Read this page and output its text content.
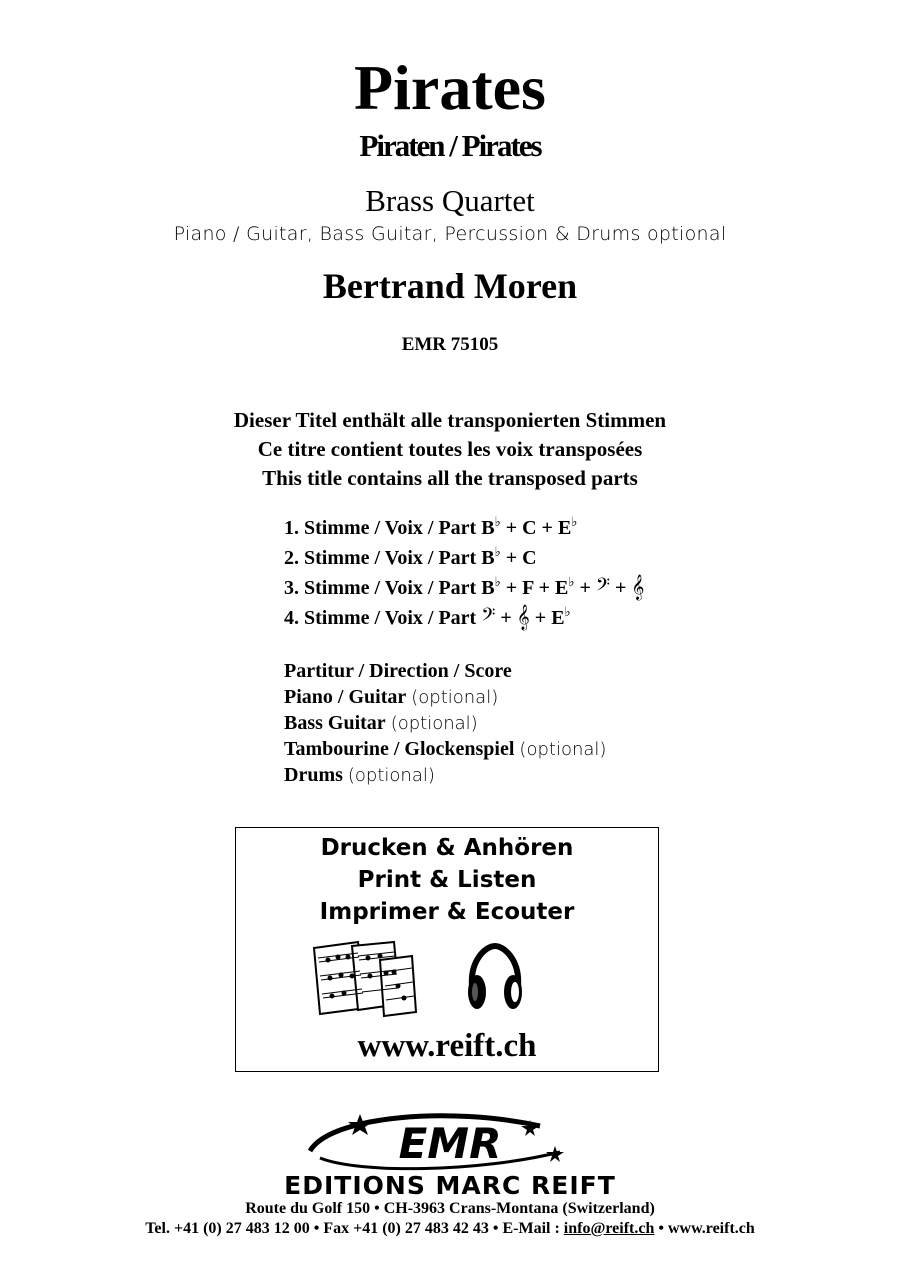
Pirates
Piraten / Pirates
Brass Quartet
Piano / Guitar, Bass Guitar, Percussion & Drums optional
Bertrand Moren
EMR 75105
Dieser Titel enthält alle transponierten Stimmen
Ce titre contient toutes les voix transposées
This title contains all the transposed parts
1. Stimme / Voix / Part B♭ + C + E♭
2. Stimme / Voix / Part B♭ + C
3. Stimme / Voix / Part B♭ + F + E♭ + 𝄢 + 𝄞
4. Stimme / Voix / Part 𝄢 + 𝄞 + E♭
Partitur / Direction / Score
Piano / Guitar (optional)
Bass Guitar (optional)
Tambourine / Glockenspiel (optional)
Drums (optional)
Drucken & Anhören
Print & Listen
Imprimer & Ecouter
www.reift.ch
EMR
EDITIONS MARC REIFT
Route du Golf 150 • CH-3963 Crans-Montana (Switzerland)
Tel. +41 (0) 27 483 12 00 • Fax +41 (0) 27 483 42 43 • E-Mail : info@reift.ch • www.reift.ch
